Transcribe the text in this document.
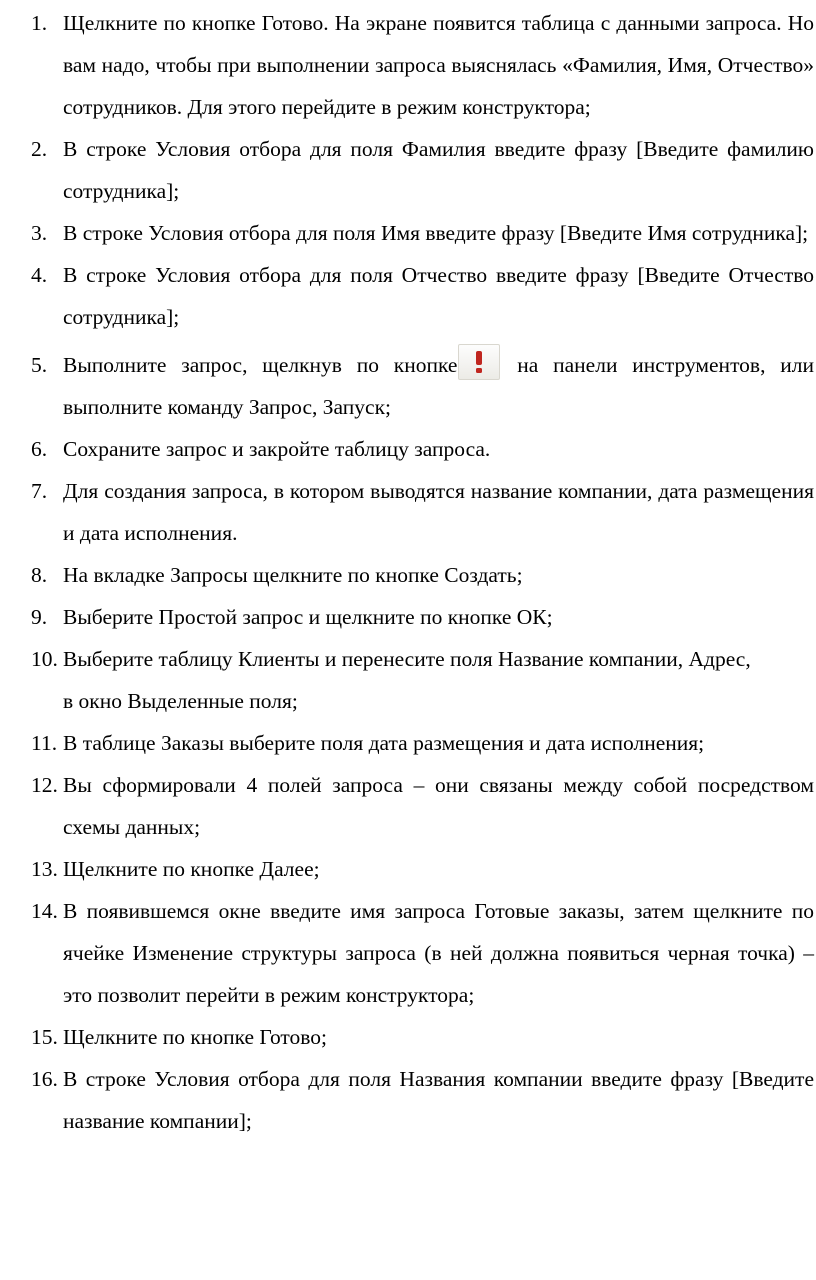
1. Щелкните по кнопке Готово. На экране появится таблица с данными запроса. Но вам надо, чтобы при выполнении запроса выяснялась «Фамилия, Имя, Отчество» сотрудников. Для этого перейдите в режим конструктора;
2. В строке Условия отбора для поля Фамилия введите фразу [Введите фамилию сотрудника];
3. В строке Условия отбора для поля Имя введите фразу [Введите Имя сотрудника];
4. В строке Условия отбора для поля Отчество введите фразу [Введите Отчество сотрудника];
5. Выполните запрос, щелкнув по кнопке
на панели инструментов, или выполните команду Запрос, Запуск;
6. Сохраните запрос и закройте таблицу запроса.
7. Для создания запроса, в котором выводятся название компании, дата размещения и дата исполнения.
8. На вкладке Запросы щелкните по кнопке Создать;
9. Выберите Простой запрос и щелкните по кнопке ОК;
10. Выберите таблицу Клиенты и перенесите поля Название компании, Адрес,
в окно Выделенные поля;
11. В таблице Заказы выберите поля дата размещения и дата исполнения;
12. Вы сформировали 4 полей запроса – они связаны между собой посредством схемы данных;
13. Щелкните по кнопке Далее;
14. В появившемся окне введите имя запроса Готовые заказы, затем щелкните по ячейке Изменение структуры запроса (в ней должна появиться черная точка) – это позволит перейти в режим конструктора;
15. Щелкните по кнопке Готово;
16. В строке Условия отбора для поля Названия компании введите фразу [Введите название компании];
